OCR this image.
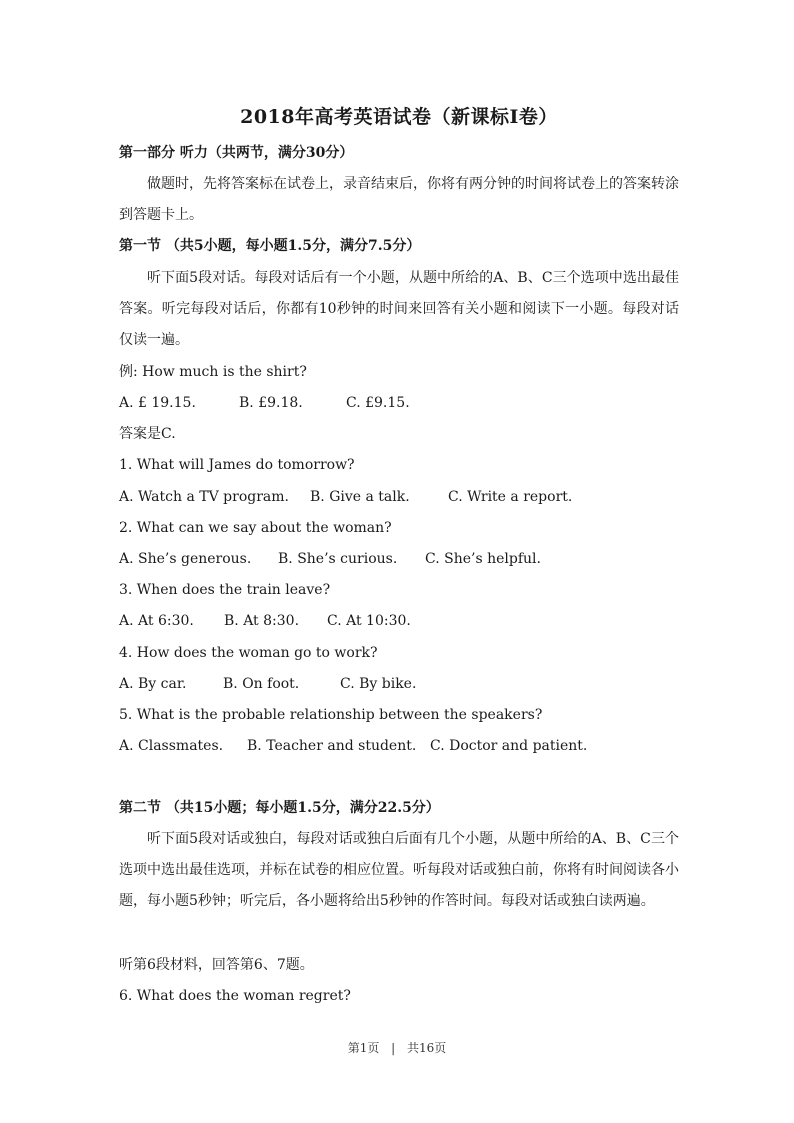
2018年高考英语试卷（新课标I卷）
第一部分 听力（共两节，满分30分）
做题时，先将答案标在试卷上，录音结束后，你将有两分钟的时间将试卷上的答案转涂到答题卡上。
第一节 （共5小题，每小题1.5分，满分7.5分）
听下面5段对话。每段对话后有一个小题，从题中所给的A、B、C三个选项中选出最佳答案。听完每段对话后，你都有10秒钟的时间来回答有关小题和阅读下一小题。每段对话仅读一遍。
例: How much is the shirt?
A. £ 19.15.	B. £9.18.	C. £9.15.
答案是C.
1. What will James do tomorrow?
A. Watch a TV program. B. Give a talk.	C. Write a report.
2. What can we say about the woman?
A. She’s generous. B. She’s curious. C. She’s helpful.
3. When does the train leave?
A. At 6:30. B. At 8:30. C. At 10:30.
4. How does the woman go to work?
A. By car.	B. On foot.	C. By bike.
5. What is the probable relationship between the speakers?
A. Classmates. B. Teacher and student. C. Doctor and patient.
第二节 （共15小题；每小题1.5分，满分22.5分）
听下面5段对话或独白，每段对话或独白后面有几个小题，从题中所给的A、B、C三个选项中选出最佳选项，并标在试卷的相应位置。听每段对话或独白前，你将有时间阅读各小题，每小题5秒钟；听完后，各小题将给出5秒钟的作答时间。每段对话或独白读两遍。
听第6段材料，回答第6、7题。
6. What does the woman regret?
第1页 | 共16页
